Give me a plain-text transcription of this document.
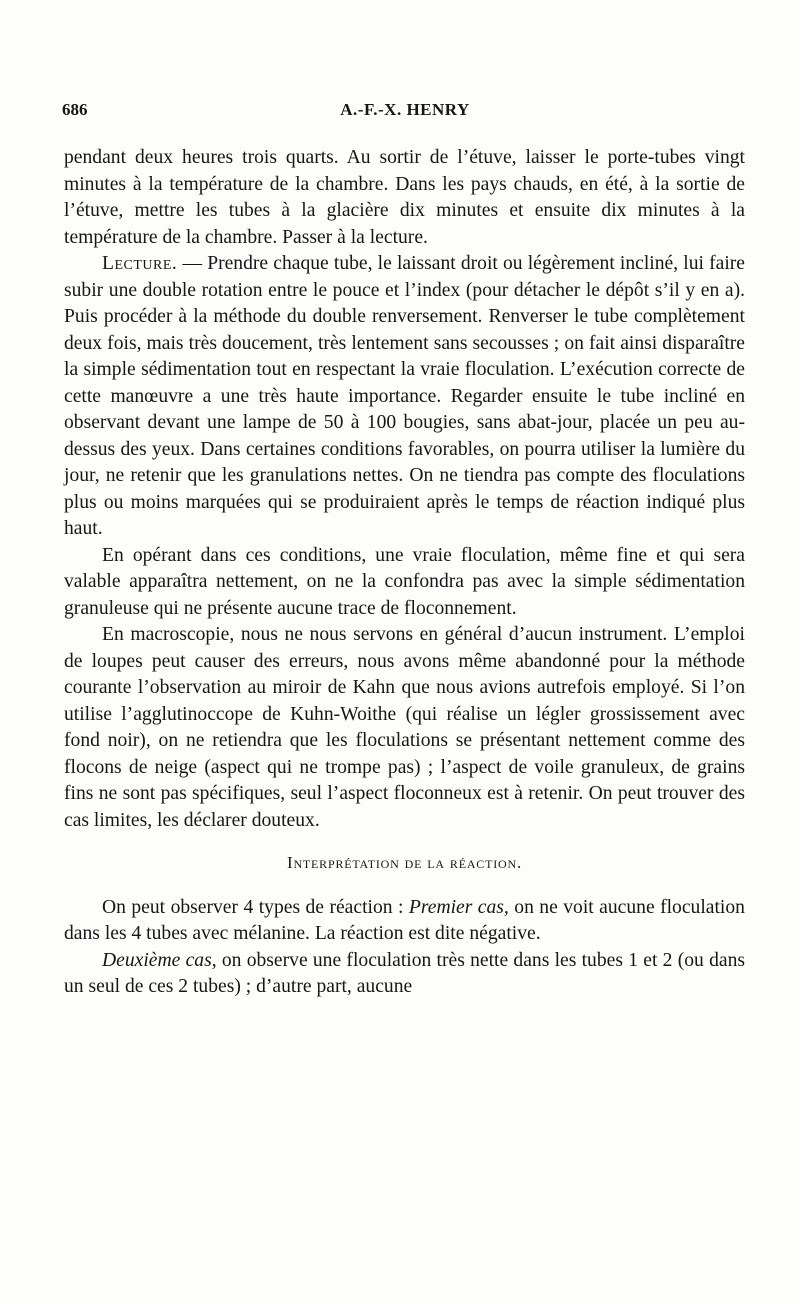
686	A.-F.-X. HENRY

pendant deux heures trois quarts. Au sortir de l’étuve, laisser le porte-tubes vingt minutes à la température de la chambre. Dans les pays chauds, en été, à la sortie de l’étuve, mettre les tubes à la glacière dix minutes et ensuite dix minutes à la température de la chambre. Passer à la lecture.

Lecture. — Prendre chaque tube, le laissant droit ou légèrement incliné, lui faire subir une double rotation entre le pouce et l’index (pour détacher le dépôt s’il y en a). Puis procéder à la méthode du double renversement. Renverser le tube complètement deux fois, mais très doucement, très lentement sans secousses ; on fait ainsi disparaître la simple sédimentation tout en respectant la vraie floculation. L’exécution correcte de cette manœuvre a une très haute importance. Regarder ensuite le tube incliné en observant devant une lampe de 50 à 100 bougies, sans abat-jour, placée un peu au-dessus des yeux. Dans certaines conditions favorables, on pourra utiliser la lumière du jour, ne retenir que les granulations nettes. On ne tiendra pas compte des floculations plus ou moins marquées qui se produiraient après le temps de réaction indiqué plus haut.

En opérant dans ces conditions, une vraie floculation, même fine et qui sera valable apparaîtra nettement, on ne la confondra pas avec la simple sédimentation granuleuse qui ne présente aucune trace de floconnement.

En macroscopie, nous ne nous servons en général d’aucun instrument. L’emploi de loupes peut causer des erreurs, nous avons même abandonné pour la méthode courante l’observation au miroir de Kahn que nous avions autrefois employé. Si l’on utilise l’agglutinoccope de Kuhn-Woithe (qui réalise un légler grossissement avec fond noir), on ne retiendra que les floculations se présentant nettement comme des flocons de neige (aspect qui ne trompe pas) ; l’aspect de voile granuleux, de grains fins ne sont pas spécifiques, seul l’aspect floconneux est à retenir. On peut trouver des cas limites, les déclarer douteux.

Interprétation de la réaction.

On peut observer 4 types de réaction : Premier cas, on ne voit aucune floculation dans les 4 tubes avec mélanine. La réaction est dite négative.

Deuxième cas, on observe une floculation très nette dans les tubes 1 et 2 (ou dans un seul de ces 2 tubes) ; d’autre part, aucune
